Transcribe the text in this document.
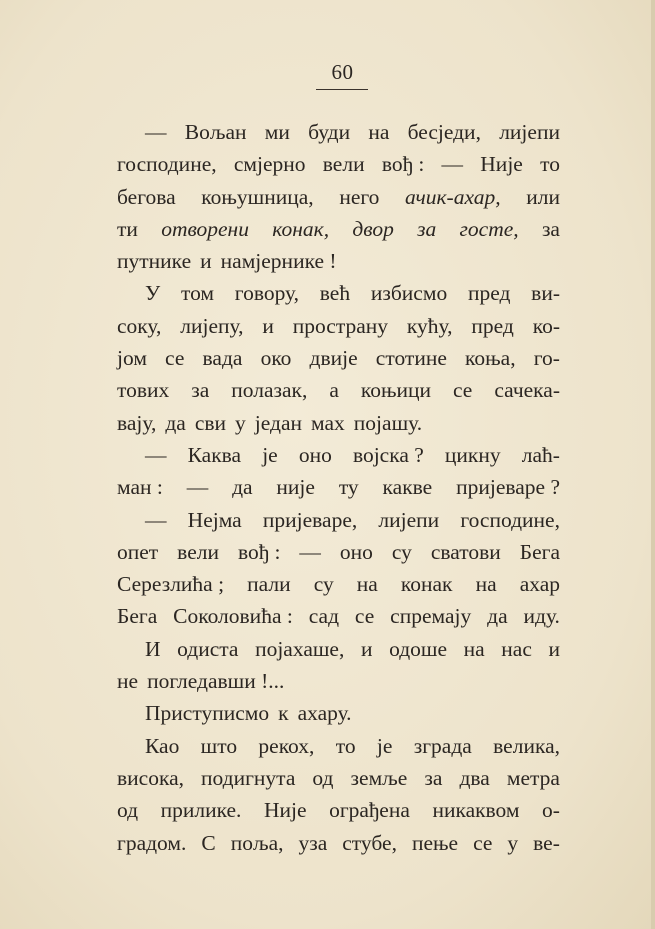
60
— Вољан ми буди на бесједи, лијепи
господине, смјерно вели вођ : — Није то
бегова коњушница, него ачик-ахар, или
ти отворени конак, двор за госте, за
путнике и намјернике !
У том говору, већ избисмо пред ви-
соку, лијепу, и пространу кућу, пред ко-
јом се вада око двије стотине коња, го-
тових за полазак, а коњици се сачека-
вају, да сви у један мах појашу.
— Каква је оно војска ? цикну лаћ-
ман : — да није ту какве пријеваре ?
— Нејма пријеваре, лијепи господине,
опет вели вођ : — оно су сватови Бега
Серезлића ; пали су на конак на ахар
Бега Соколовића : сад се спремају да иду.
И одиста појахаше, и одоше на нас и
не погледавши !...
Приступисмо к ахару.
Као што рекох, то је зграда велика,
висока, подигнута од земље за два метра
од прилике. Није ограђена никаквом о-
градом. С поља, уза стубе, пење се у ве-
